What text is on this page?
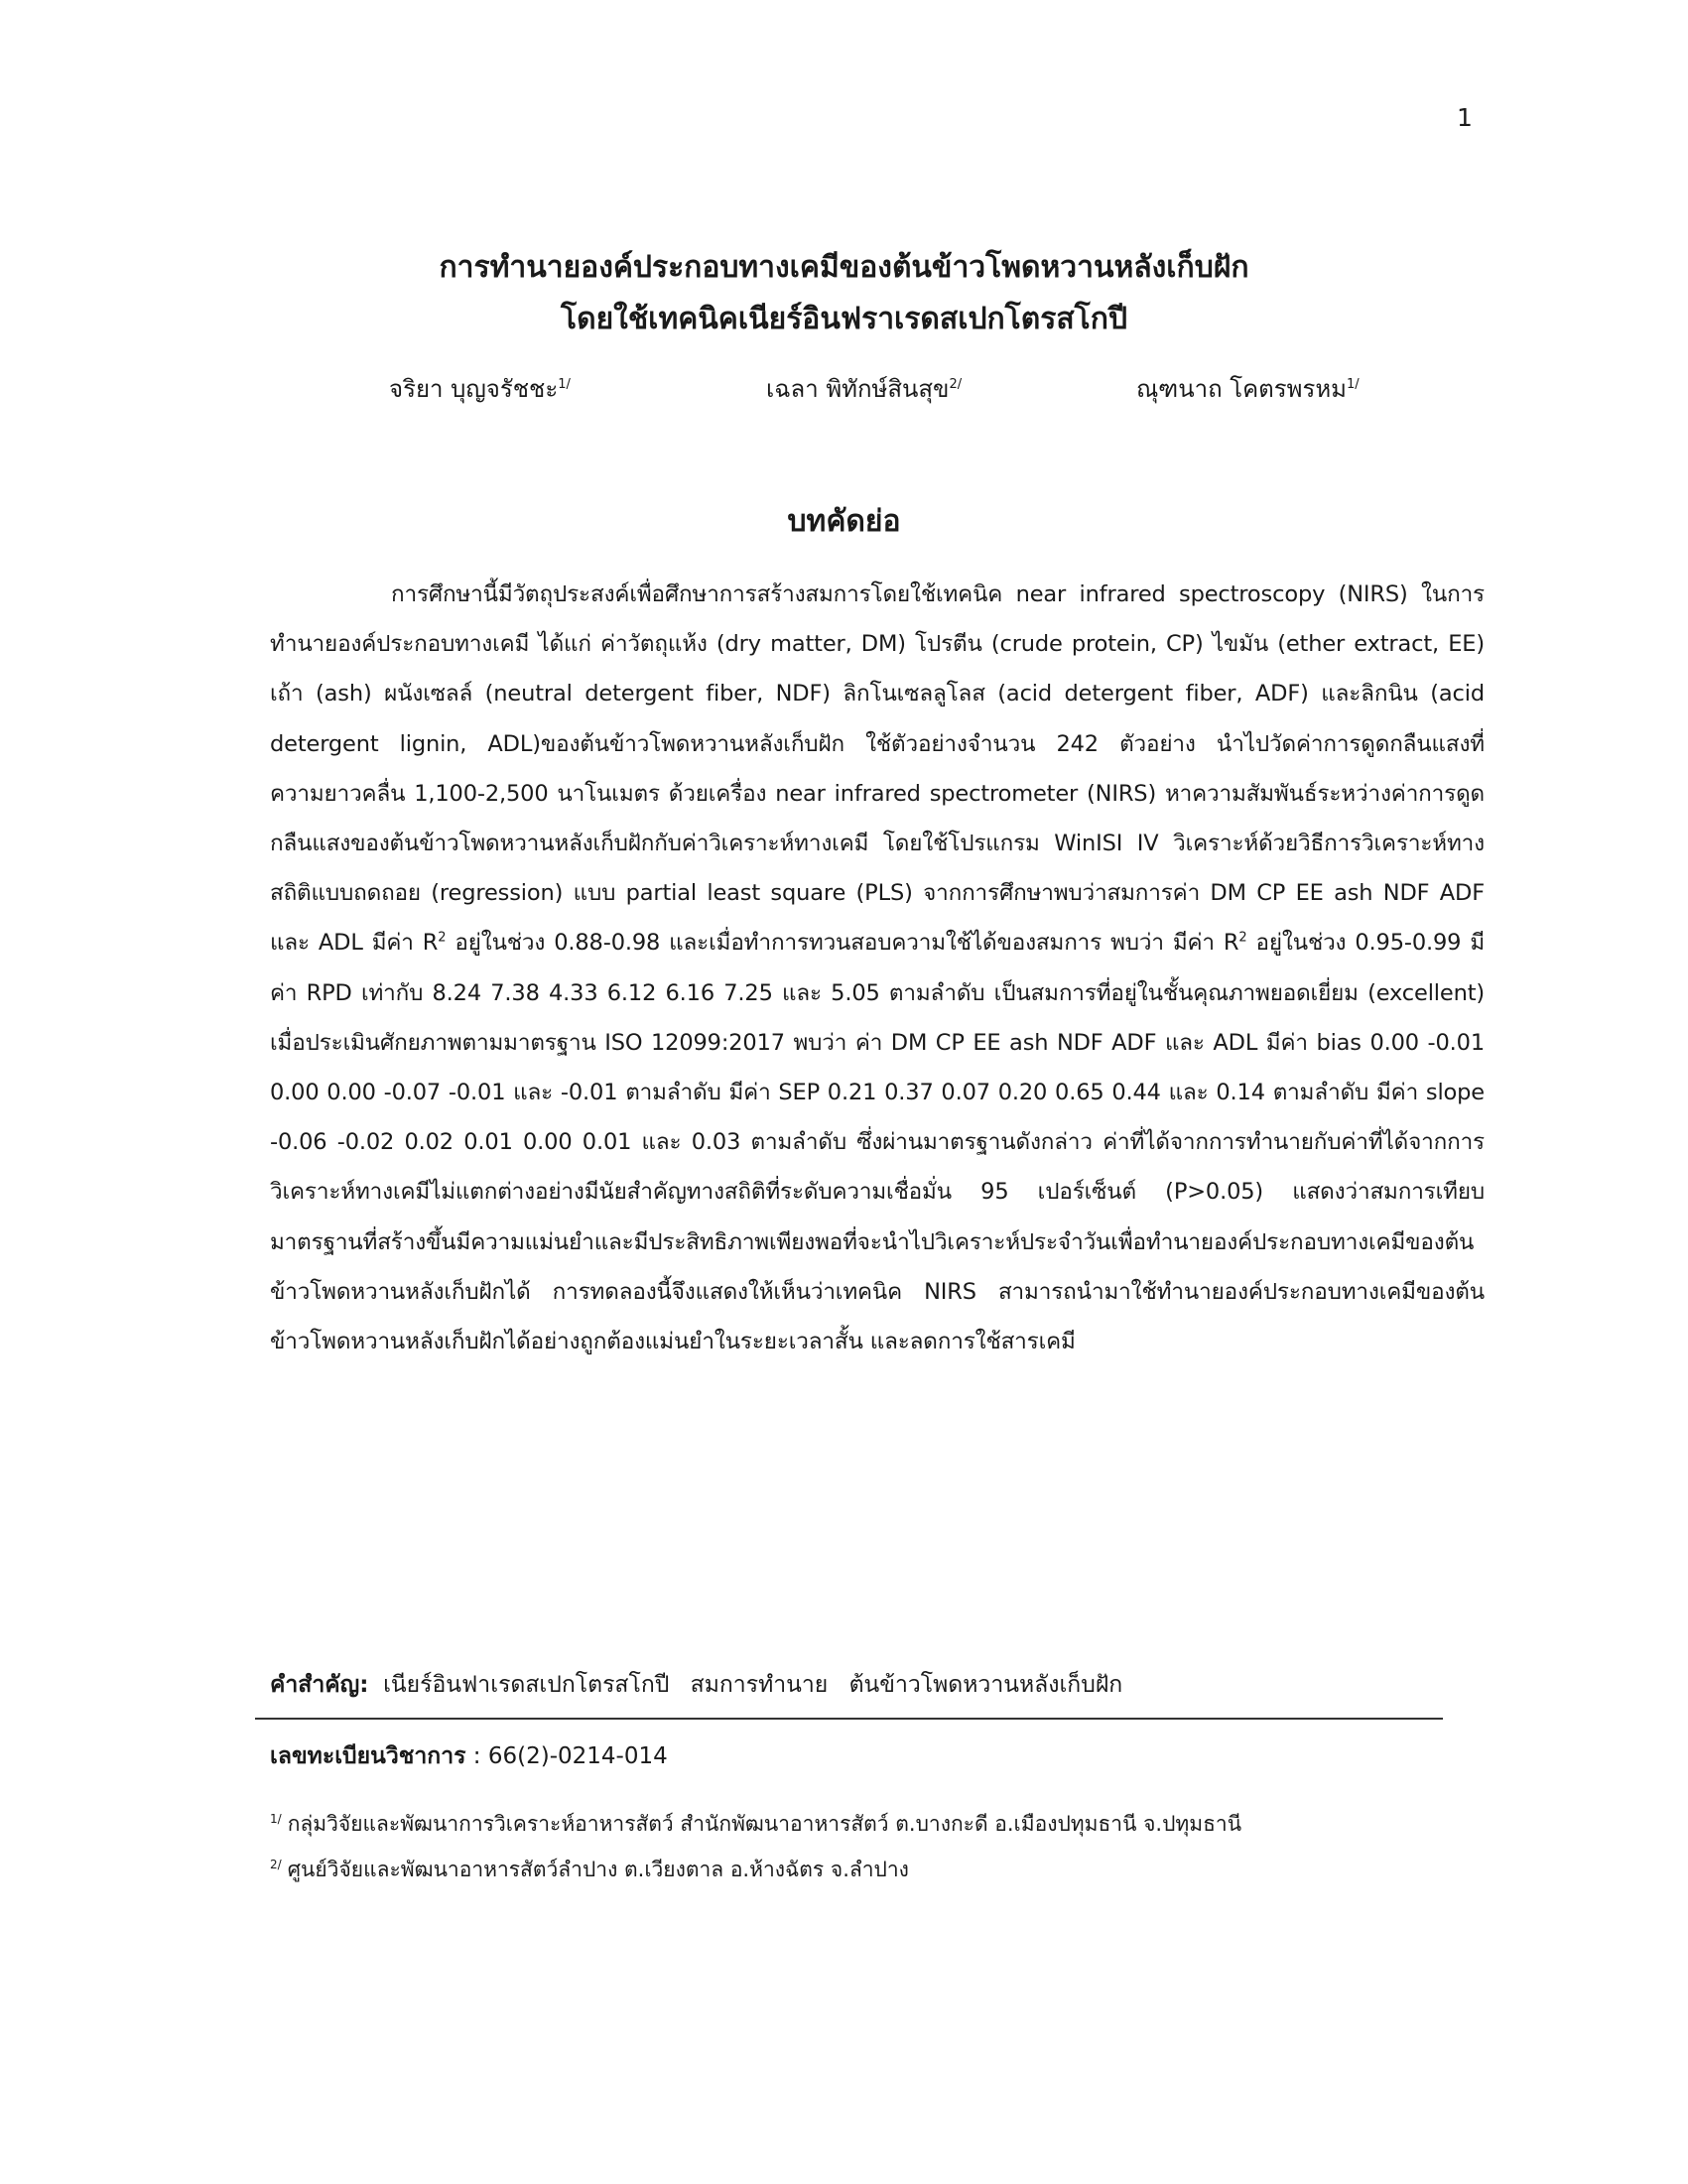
1
การทำนายองค์ประกอบทางเคมีของต้นข้าวโพดหวานหลังเก็บฝัก
โดยใช้เทคนิคเนียร์อินฟราเรดสเปกโตรสโกปี
จริยา บุญจรัชชะ$^{1/}$	เฉลา พิทักษ์สินสุข$^{2/}$	ณุฑนาถ โคตรพรหม$^{1/}$
บทคัดย่อ
การศึกษานี้มีวัตถุประสงค์เพื่อศึกษาการสร้างสมการโดยใช้เทคนิค near infrared spectroscopy (NIRS) ในการทำนายองค์ประกอบทางเคมี ได้แก่ ค่าวัตถุแห้ง (dry matter, DM) โปรตีน (crude protein, CP) ไขมัน (ether extract, EE) เถ้า (ash) ผนังเซลล์ (neutral detergent fiber, NDF) ลิกโนเซลลูโลส (acid detergent fiber, ADF) และลิกนิน (acid detergent lignin, ADL)ของต้นข้าวโพดหวานหลังเก็บฝัก ใช้ตัวอย่างจำนวน 242 ตัวอย่าง นำไปวัดค่าการดูดกลืนแสงที่ความยาวคลื่น 1,100-2,500 นาโนเมตร ด้วยเครื่อง near infrared spectrometer (NIRS) หาความสัมพันธ์ระหว่างค่าการดูดกลืนแสงของต้นข้าวโพดหวานหลังเก็บฝักกับค่าวิเคราะห์ทางเคมี โดยใช้โปรแกรม WinISI IV วิเคราะห์ด้วยวิธีการวิเคราะห์ทางสถิติแบบถดถอย (regression) แบบ partial least square (PLS) จากการศึกษาพบว่าสมการค่า DM CP EE ash NDF ADF และ ADL มีค่า $R^2$ อยู่ในช่วง 0.88-0.98 และเมื่อทำการทวนสอบความใช้ได้ของสมการ พบว่า มีค่า $R^2$ อยู่ในช่วง 0.95-0.99 มีค่า RPD เท่ากับ 8.24 7.38 4.33 6.12 6.16 7.25 และ 5.05 ตามลำดับ เป็นสมการที่อยู่ในชั้นคุณภาพยอดเยี่ยม (excellent) เมื่อประเมินศักยภาพตามมาตรฐาน ISO 12099:2017 พบว่า ค่า DM CP EE ash NDF ADF และ ADL มีค่า bias 0.00 -0.01 0.00 0.00 -0.07 -0.01 และ -0.01 ตามลำดับ มีค่า SEP 0.21 0.37 0.07 0.20 0.65 0.44 และ 0.14 ตามลำดับ มีค่า slope -0.06 -0.02 0.02 0.01 0.00 0.01 และ 0.03 ตามลำดับ ซึ่งผ่านมาตรฐานดังกล่าว ค่าที่ได้จากการทำนายกับค่าที่ได้จากการวิเคราะห์ทางเคมีไม่แตกต่างอย่างมีนัยสำคัญทางสถิติที่ระดับความเชื่อมั่น 95 เปอร์เซ็นต์ (P>0.05) แสดงว่าสมการเทียบมาตรฐานที่สร้างขึ้นมีความแม่นยำและมีประสิทธิภาพเพียงพอที่จะนำไปวิเคราะห์ประจำวันเพื่อทำนายองค์ประกอบทางเคมีของต้นข้าวโพดหวานหลังเก็บฝักได้ การทดลองนี้จึงแสดงให้เห็นว่าเทคนิค NIRS สามารถนำมาใช้ทำนายองค์ประกอบทางเคมีของต้นข้าวโพดหวานหลังเก็บฝักได้อย่างถูกต้องแม่นยำในระยะเวลาสั้น และลดการใช้สารเคมี
คำสำคัญ: เนียร์อินฟาเรดสเปกโตรสโกปี สมการทำนาย ต้นข้าวโพดหวานหลังเก็บฝัก
เลขทะเบียนวิชาการ : 66(2)-0214-014
$^{1/}$ กลุ่มวิจัยและพัฒนาการวิเคราะห์อาหารสัตว์ สำนักพัฒนาอาหารสัตว์ ต.บางกะดี อ.เมืองปทุมธานี จ.ปทุมธานี
$^{2/}$ ศูนย์วิจัยและพัฒนาอาหารสัตว์ลำปาง ต.เวียงตาล อ.ห้างฉัตร จ.ลำปาง
